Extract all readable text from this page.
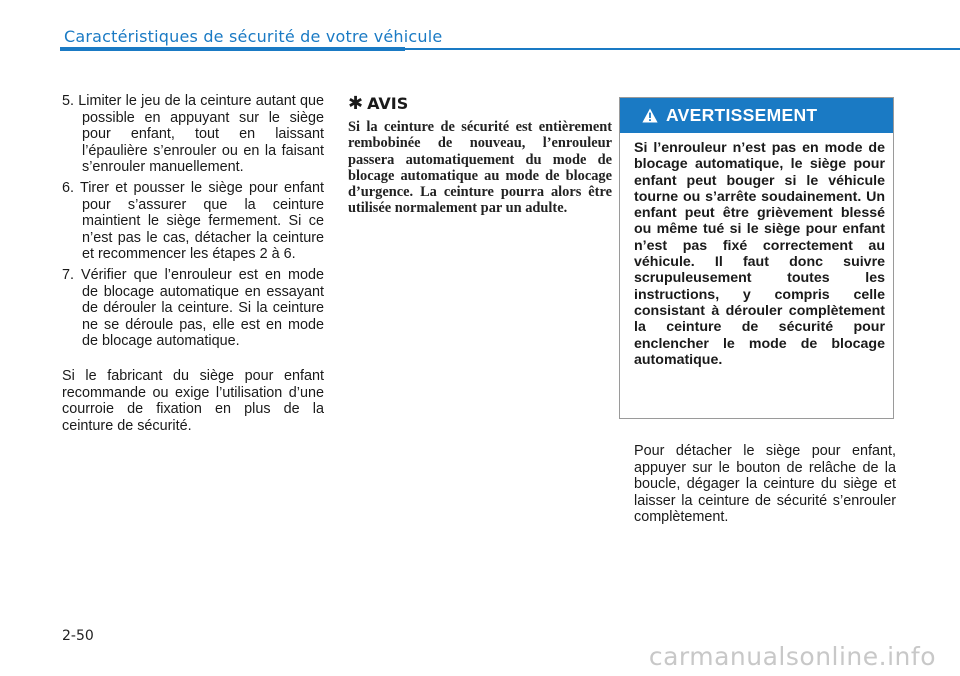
Caractéristiques de sécurité de votre véhicule
5. Limiter le jeu de la ceinture autant que possible en appuyant sur le siège pour enfant, tout en laissant l’épaulière s’enrouler ou en la faisant s’enrouler manuellement.
6. Tirer et pousser le siège pour enfant pour s’assurer que la ceinture maintient le siège fermement. Si ce n’est pas le cas, détacher la ceinture et recommencer les étapes 2 à 6.
7. Vérifier que l’enrouleur est en mode de blocage automatique en essayant de dérouler la ceinture. Si la ceinture ne se déroule pas, elle est en mode de blocage automatique.

Si le fabricant du siège pour enfant recommande ou exige l’utilisation d’une courroie de fixation en plus de la ceinture de sécurité.

✱ AVIS

Si la ceinture de sécurité est entièrement rembobinée de nouveau, l’enrouleur passera automatiquement du mode de blocage automatique au mode de blocage d’urgence. La ceinture pourra alors être utilisée normalement par un adulte.

AVERTISSEMENT

Si l’enrouleur n’est pas en mode de blocage automatique, le siège pour enfant peut bouger si le véhicule tourne ou s’arrête soudainement. Un enfant peut être grièvement blessé ou même tué si le siège pour enfant n’est pas fixé correctement au véhicule. Il faut donc suivre scrupuleusement toutes les instructions, y compris celle consistant à dérouler complètement la ceinture de sécurité pour enclencher le mode de blocage automatique.

Pour détacher le siège pour enfant, appuyer sur le bouton de relâche de la boucle, dégager la ceinture du siège et laisser la ceinture de sécurité s’enrouler complètement.

2-50
carmanualsonline.info
